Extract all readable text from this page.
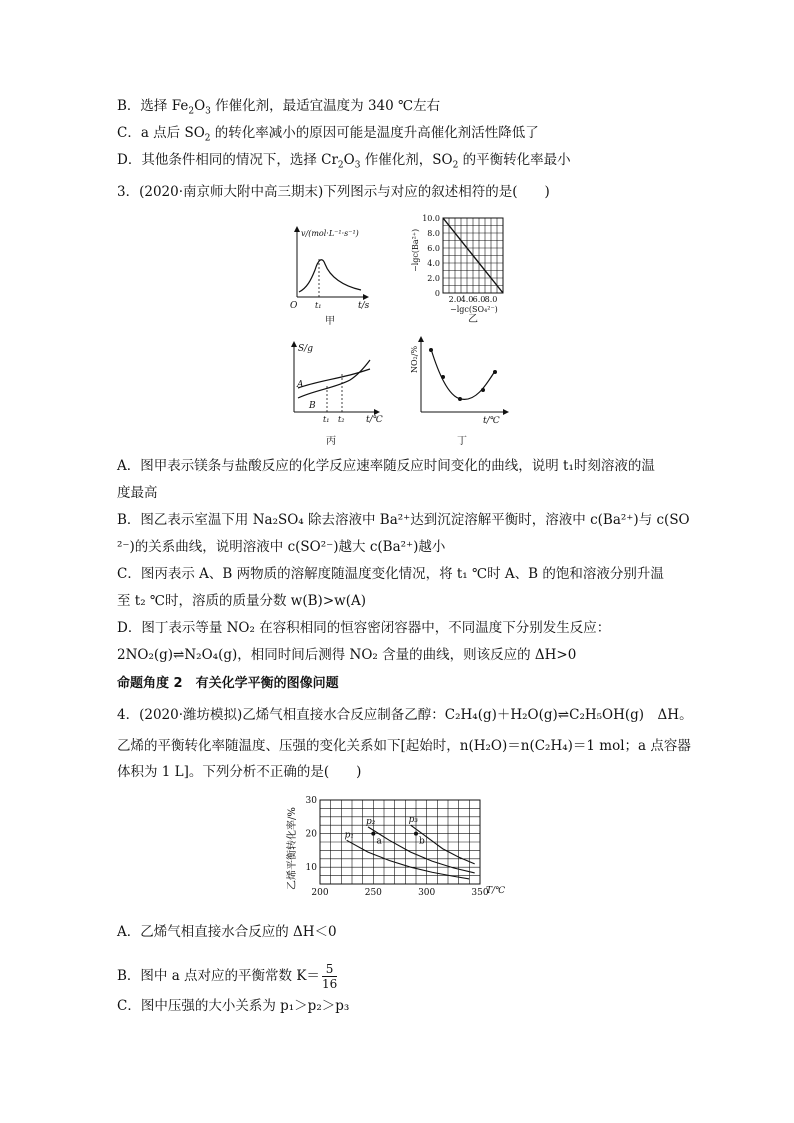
B．选择 $Fe_2O_3$ 作催化剂，最适宜温度为 340 ℃左右
C．a 点后 $SO_2$ 的转化率减小的原因可能是温度升高催化剂活性降低了
D．其他条件相同的情况下，选择 $Cr_2O_3$ 作催化剂，$SO_2$ 的平衡转化率最小
3．(2020·南京师大附中高三期末)下列图示与对应的叙述相符的是(　　)
v/(mol·L⁻¹·s⁻¹)
O t₁	t/s
甲
10.0
8.0
6.0
4.0
2.0
0
2.0 4.0 6.0 8.0
−lgc(Ba²⁺)
−lgc(SO₄²⁻)
乙
S/g
A
B
t₁ t₂ t/℃
丙
NO₂/%
t/℃
丁
A．图甲表示镁条与盐酸反应的化学反应速率随反应时间变化的曲线，说明 t₁时刻溶液的温
度最高
B．图乙表示室温下用 Na₂SO₄ 除去溶液中 Ba²⁺达到沉淀溶解平衡时，溶液中 c(Ba²⁺)与 c(SO
²⁻)的关系曲线，说明溶液中 c(SO²⁻)越大 c(Ba²⁺)越小
C．图丙表示 A、B 两物质的溶解度随温度变化情况，将 t₁ ℃时 A、B 的饱和溶液分别升温
至 t₂ ℃时，溶质的质量分数 w(B)>w(A)
D．图丁表示等量 NO₂ 在容积相同的恒容密闭容器中，不同温度下分别发生反应：
2NO₂(g)⇌N₂O₄(g)，相同时间后测得 NO₂ 含量的曲线，则该反应的 ΔH>0
命题角度 2　有关化学平衡的图像问题
4．(2020·潍坊模拟)乙烯气相直接水合反应制备乙醇：C₂H₄(g)＋H₂O(g)⇌C₂H₅OH(g)　ΔH。
乙烯的平衡转化率随温度、压强的变化关系如下[起始时，n(H₂O)＝n(C₂H₄)＝1 mol；a 点容器
体积为 1 L]。下列分析不正确的是(　　)
p₁
p₂	p₃
a	b
200	250	300	350
30
20
10
T/℃
乙烯平衡转化率/%
A．乙烯气相直接水合反应的 ΔH＜0
B．图中 a 点对应的平衡常数 $K= \frac{5}{16}$
C．图中压强的大小关系为 p₁＞p₂＞p₃
